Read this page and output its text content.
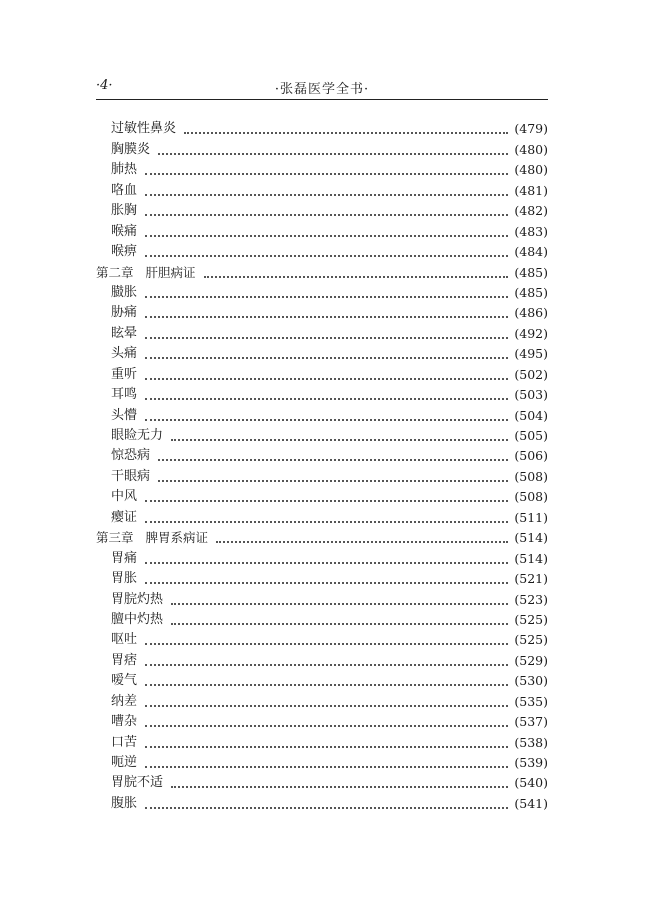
·4·	·张磊医学全书·
过敏性鼻炎	(479)
胸膜炎	(480)
肺热	(480)
咯血	(481)
胀胸	(482)
喉痛	(483)
喉痹	(484)
第二章 肝胆病证	(485)
臌胀	(485)
胁痛	(486)
眩晕	(492)
头痛	(495)
重听	(502)
耳鸣	(503)
头懵	(504)
眼睑无力	(505)
惊恐病	(506)
干眼病	(508)
中风	(508)
瘿证	(511)
第三章 脾胃系病证	(514)
胃痛	(514)
胃胀	(521)
胃脘灼热	(523)
膻中灼热	(525)
呕吐	(525)
胃痞	(529)
嗳气	(530)
纳差	(535)
嘈杂	(537)
口苦	(538)
呃逆	(539)
胃脘不适	(540)
腹胀	(541)
